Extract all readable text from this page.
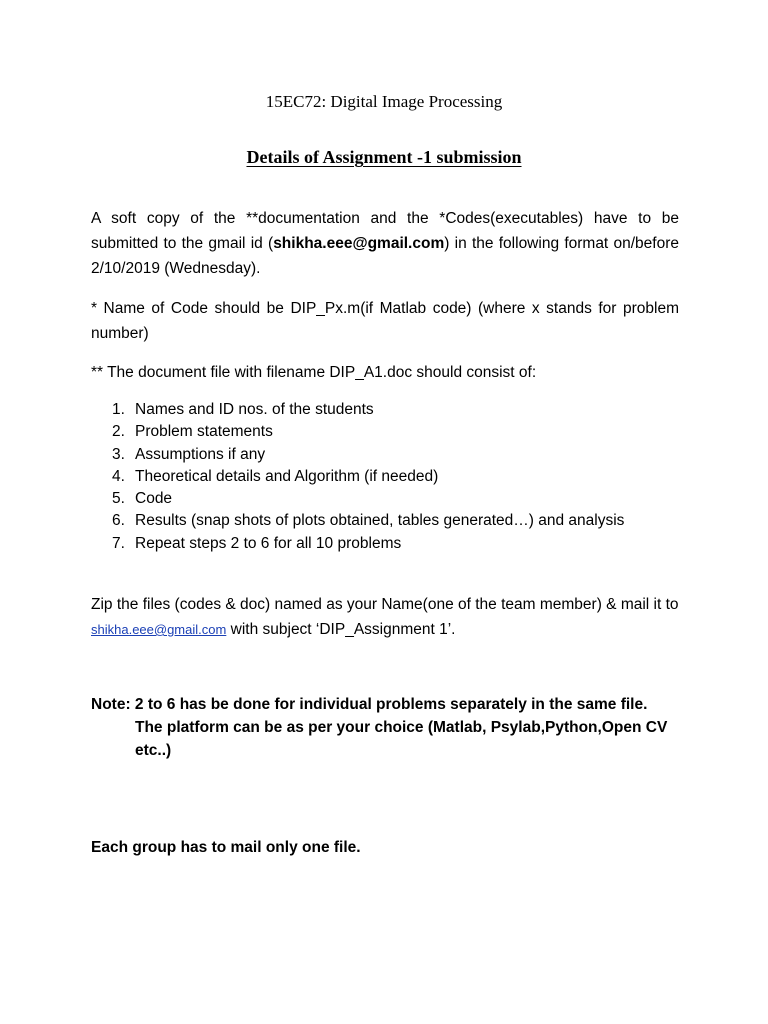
15EC72: Digital Image Processing
Details of Assignment -1 submission
A soft copy of the **documentation and the *Codes(executables) have to be submitted to the gmail id (shikha.eee@gmail.com) in the following format on/before 2/10/2019 (Wednesday).
* Name of Code should be DIP_Px.m(if Matlab code) (where x stands for problem number)
** The document file with filename DIP_A1.doc should consist of:
1. Names and ID nos. of the students
2. Problem statements
3. Assumptions if any
4. Theoretical details and Algorithm (if needed)
5. Code
6. Results (snap shots of plots obtained, tables generated…) and analysis
7. Repeat steps 2 to 6 for all 10 problems
Zip the files (codes & doc) named as your Name(one of the team member) & mail it to shikha.eee@gmail.com with subject ‘DIP_Assignment 1’.
Note: 2 to 6 has be done for individual problems separately in the same file.
The platform can be as per your choice (Matlab, Psylab,Python,Open CV etc..)
Each group has to mail only one file.
